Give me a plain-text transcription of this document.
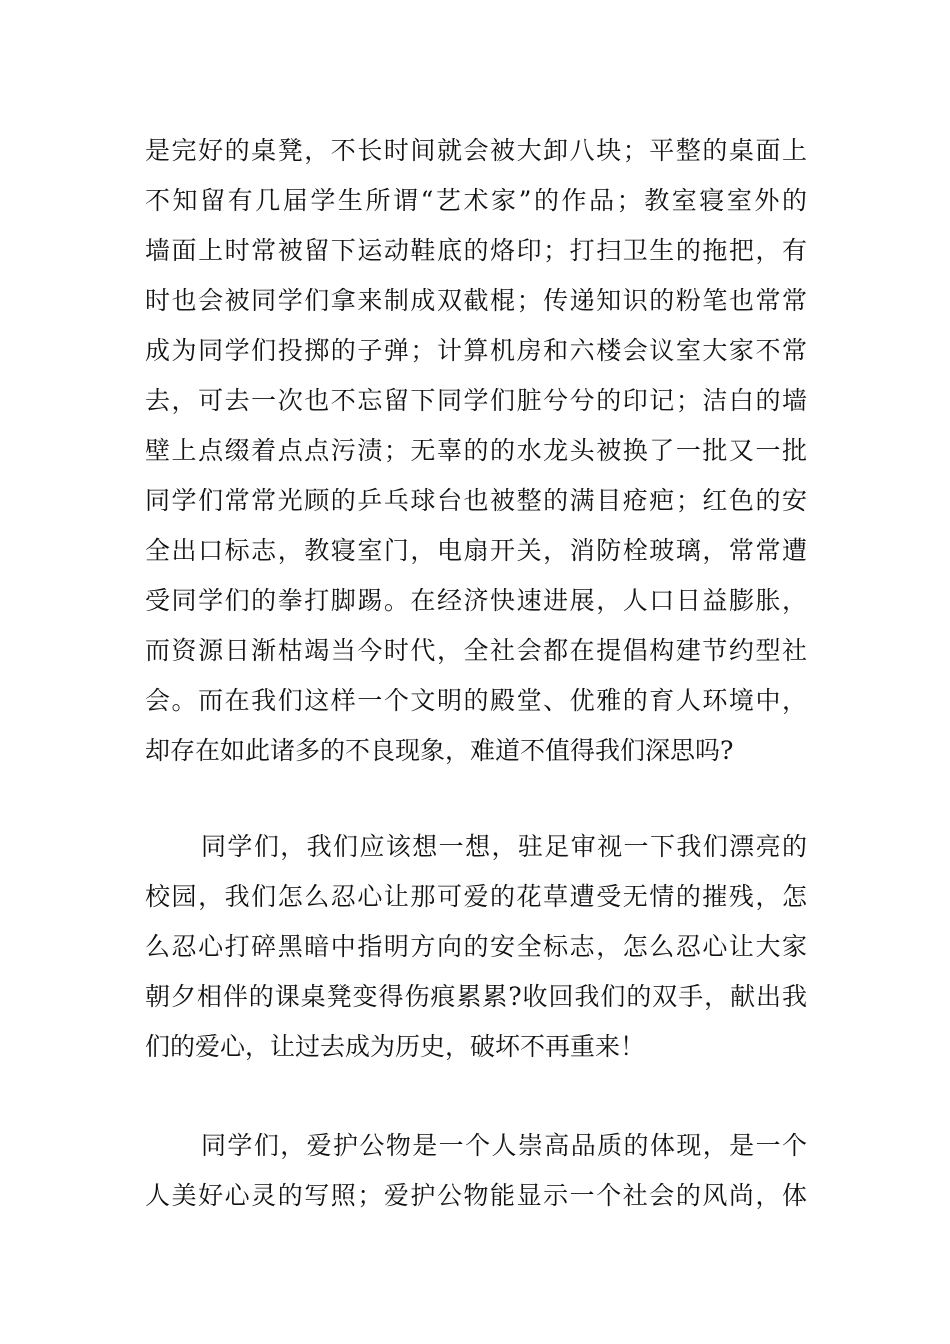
是完好的桌凳，不长时间就会被大卸八块；平整的桌面上
不知留有几届学生所谓“艺术家”的作品；教室寝室外的
墙面上时常被留下运动鞋底的烙印；打扫卫生的拖把，有
时也会被同学们拿来制成双截棍；传递知识的粉笔也常常
成为同学们投掷的子弹；计算机房和六楼会议室大家不常
去，可去一次也不忘留下同学们脏兮兮的印记；洁白的墙
壁上点缀着点点污渍；无辜的的水龙头被换了一批又一批
同学们常常光顾的乒乓球台也被整的满目疮疤；红色的安
全出口标志，教寝室门，电扇开关，消防栓玻璃，常常遭
受同学们的拳打脚踢。在经济快速进展，人口日益膨胀，
而资源日渐枯竭当今时代，全社会都在提倡构建节约型社
会。而在我们这样一个文明的殿堂、优雅的育人环境中，
却存在如此诸多的不良现象，难道不值得我们深思吗?
同学们，我们应该想一想，驻足审视一下我们漂亮的
校园，我们怎么忍心让那可爱的花草遭受无情的摧残，怎
么忍心打碎黑暗中指明方向的安全标志，怎么忍心让大家
朝夕相伴的课桌凳变得伤痕累累?收回我们的双手，献出我
们的爱心，让过去成为历史，破坏不再重来！
同学们，爱护公物是一个人崇高品质的体现，是一个
人美好心灵的写照；爱护公物能显示一个社会的风尚，体
